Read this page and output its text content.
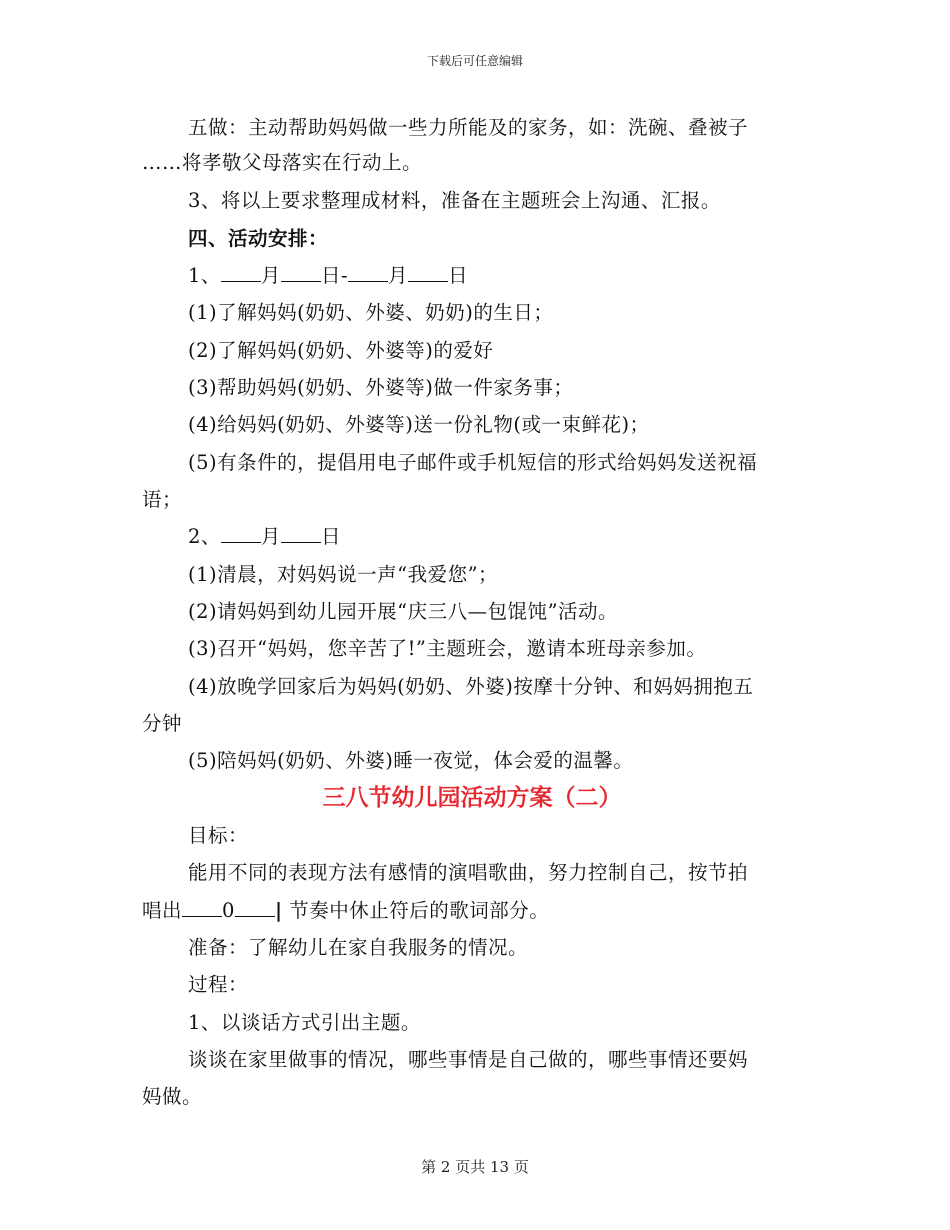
下载后可任意编辑
五做：主动帮助妈妈做一些力所能及的家务，如：洗碗、叠被子
……将孝敬父母落实在行动上。
3、将以上要求整理成材料，准备在主题班会上沟通、汇报。
四、活动安排：
1、 月 日- 月 日
(1)了解妈妈(奶奶、外婆、奶奶)的生日；
(2)了解妈妈(奶奶、外婆等)的爱好
(3)帮助妈妈(奶奶、外婆等)做一件家务事；
(4)给妈妈(奶奶、外婆等)送一份礼物(或一束鲜花)；
(5)有条件的，提倡用电子邮件或手机短信的形式给妈妈发送祝福
语；
2、 月 日
(1)清晨，对妈妈说一声“我爱您”；
(2)请妈妈到幼儿园开展“庆三八—包馄饨”活动。
(3)召开“妈妈，您辛苦了!”主题班会，邀请本班母亲参加。
(4)放晚学回家后为妈妈(奶奶、外婆)按摩十分钟、和妈妈拥抱五
分钟
(5)陪妈妈(奶奶、外婆)睡一夜觉，体会爱的温馨。
三八节幼儿园活动方案（二）
目标：
能用不同的表现方法有感情的演唱歌曲，努力控制自己，按节拍
唱出 0 | 节奏中休止符后的歌词部分。
准备：了解幼儿在家自我服务的情况。
过程：
1、以谈话方式引出主题。
谈谈在家里做事的情况，哪些事情是自己做的，哪些事情还要妈
妈做。
第 2 页共 13 页
